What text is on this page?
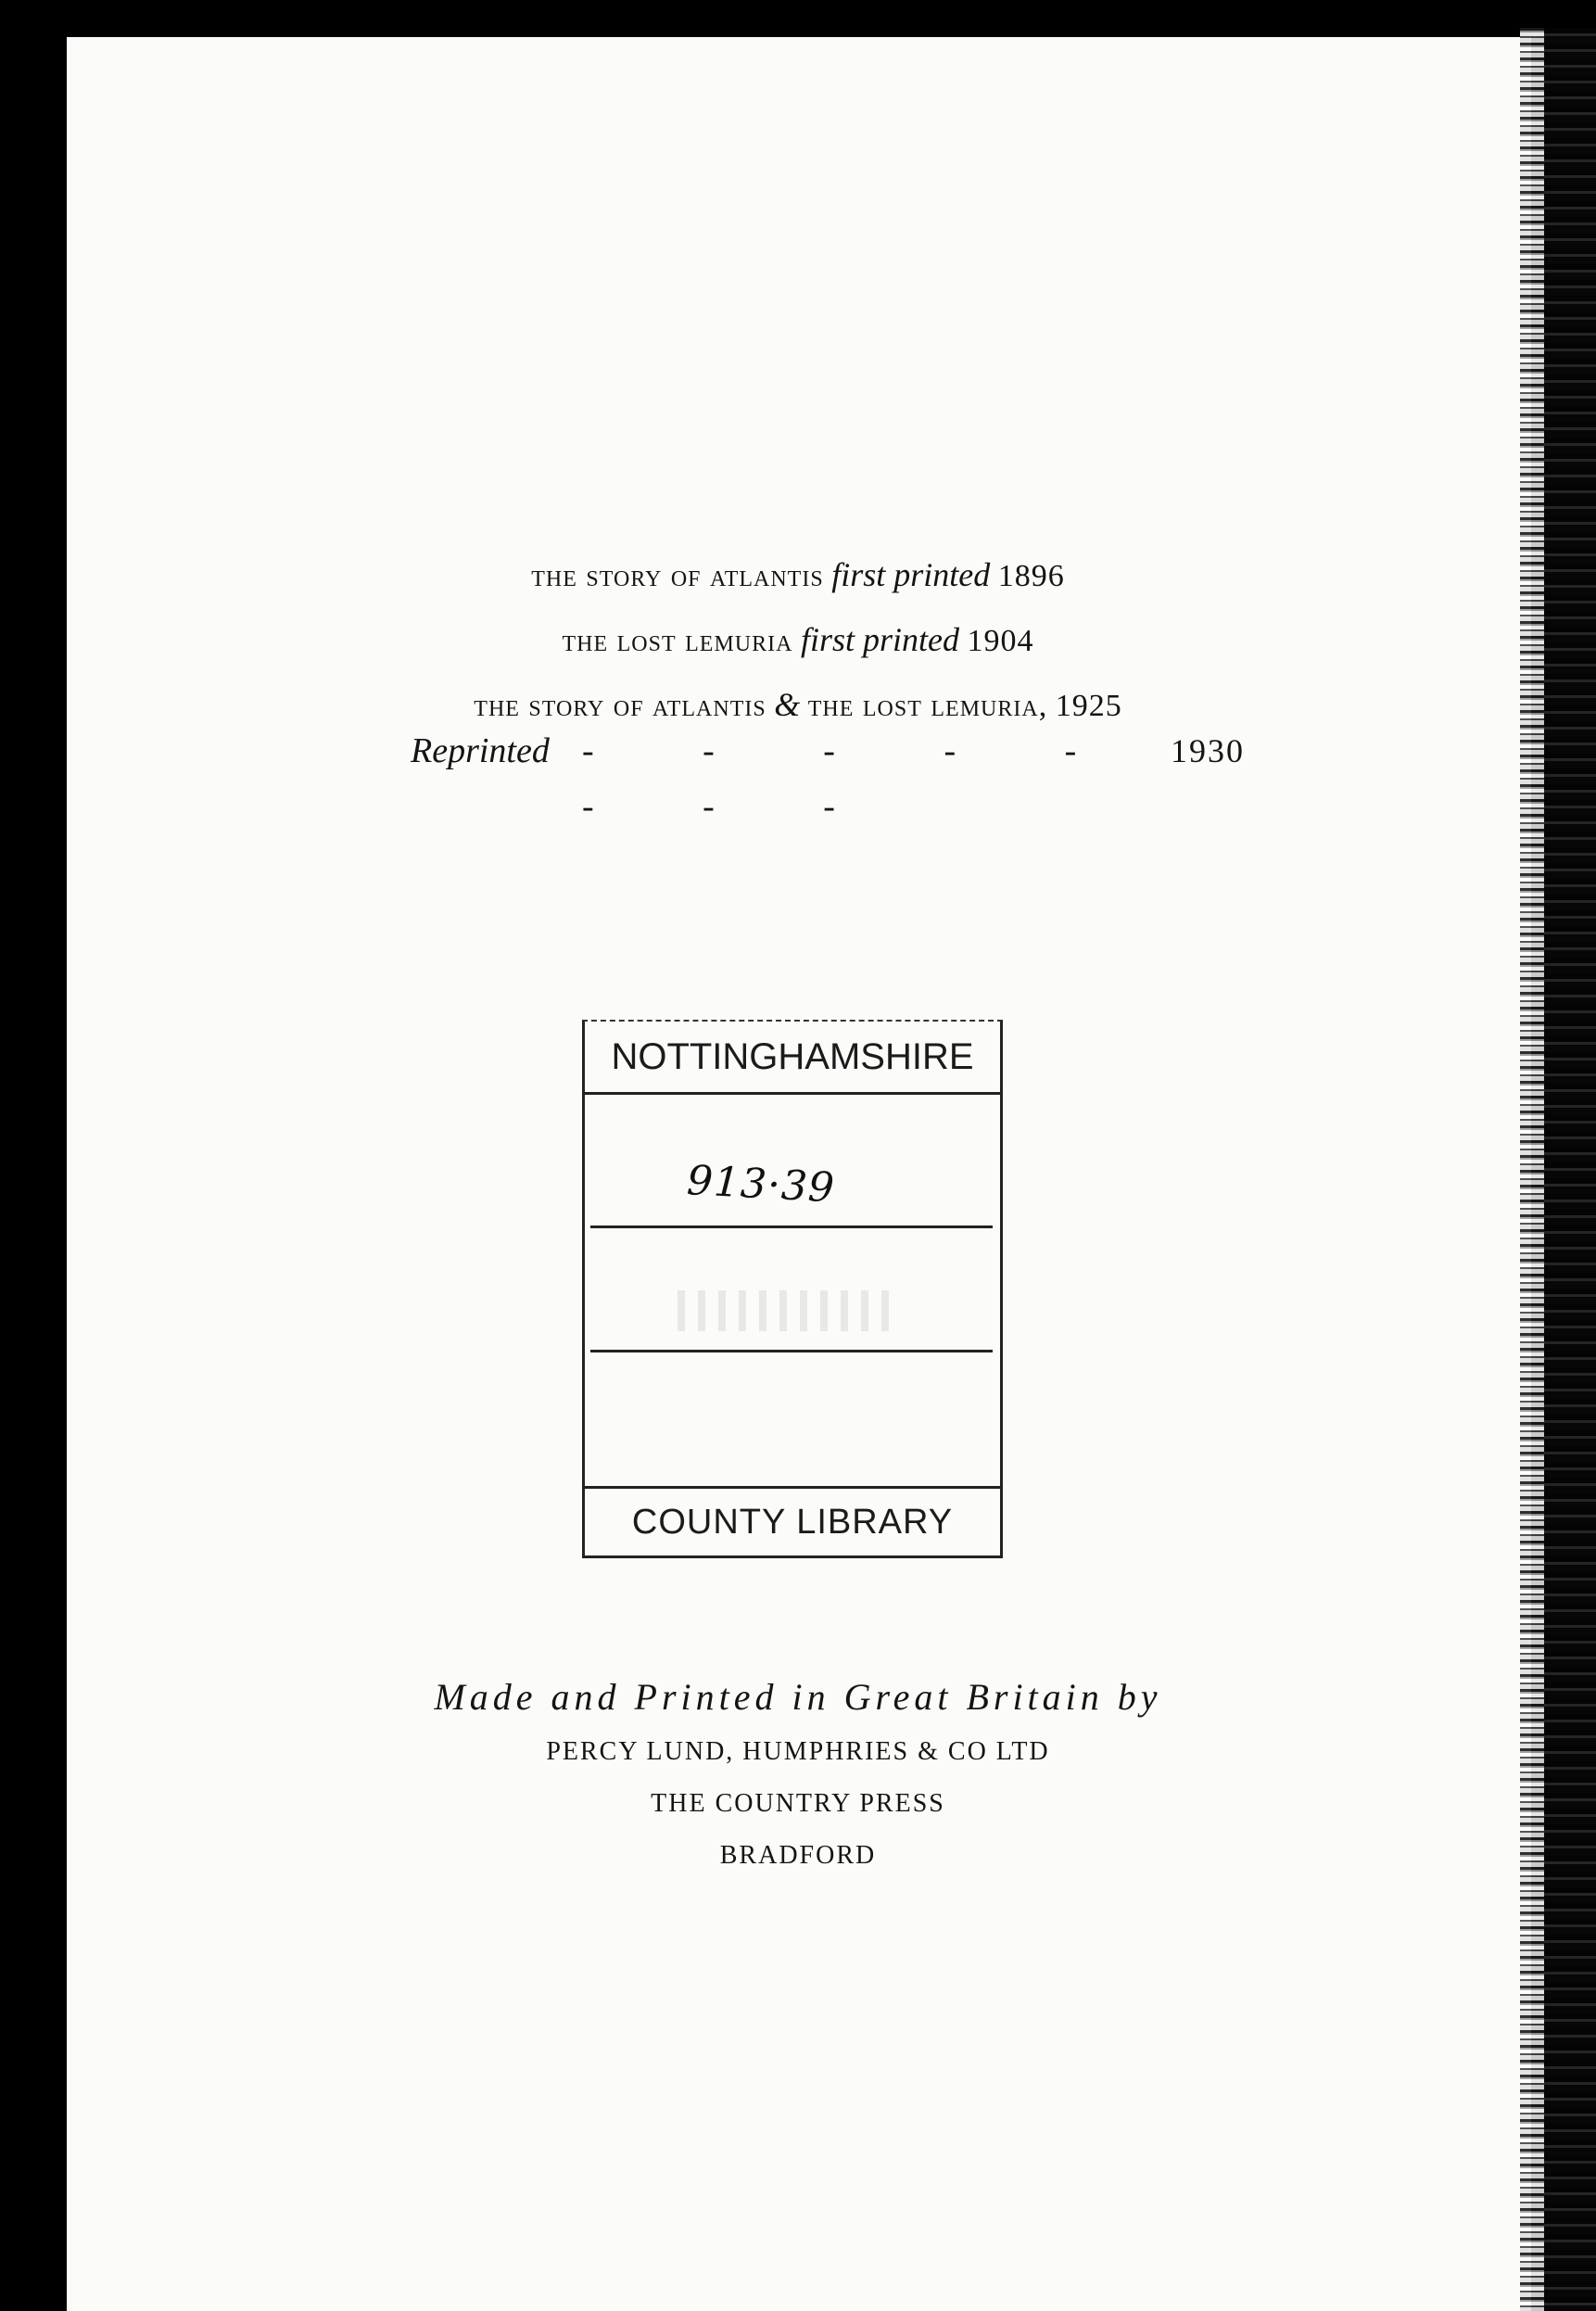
the story of atlantis first printed 1896
the lost lemuria first printed 1904
the story of atlantis & the lost lemuria, 1925
Reprinted - - - - - - - -
1930
NOTTINGHAMSHIRE
913·39
COUNTY LIBRARY
Made and Printed in Great Britain by
PERCY LUND, HUMPHRIES & CO LTD
THE COUNTRY PRESS
BRADFORD
